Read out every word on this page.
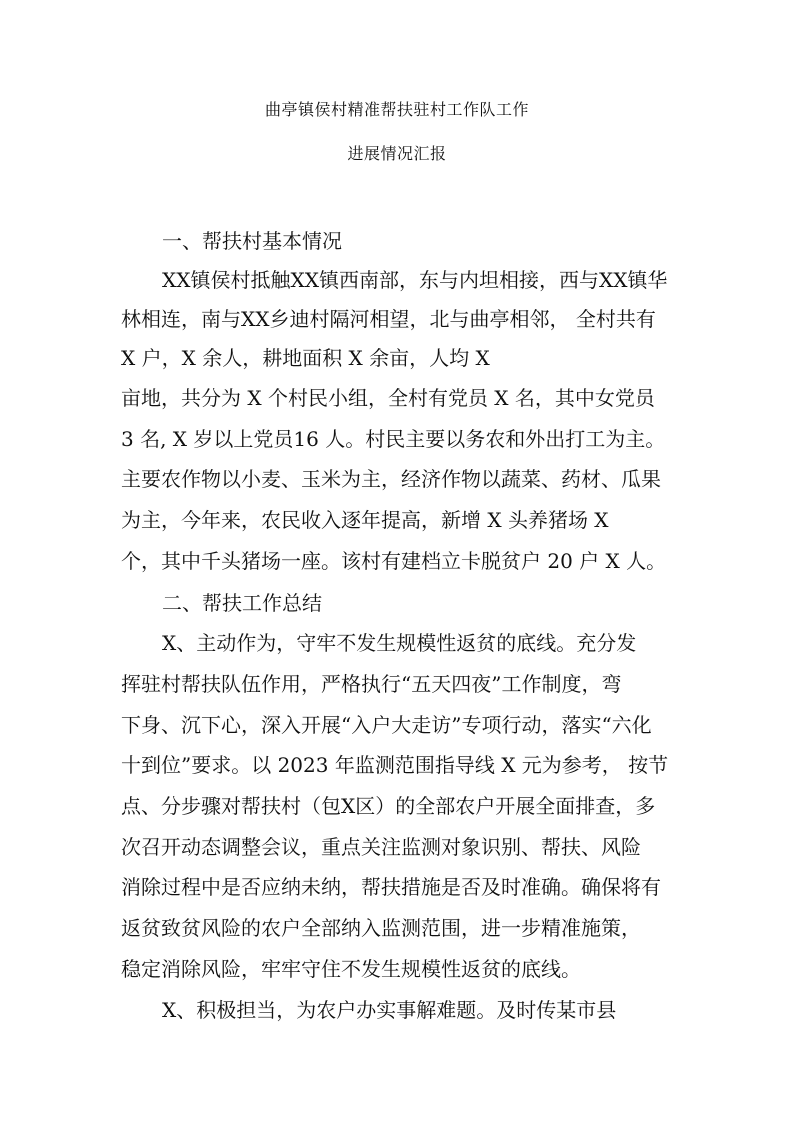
曲亭镇侯村精准帮扶驻村工作队工作
进展情况汇报
一、帮扶村基本情况
XX镇侯村抵触XX镇西南部，东与内坦相接，西与XX镇华
林相连，南与XX乡迪村隔河相望，北与曲亭相邻， 全村共有
X 户，X 余人，耕地面积 X 余亩，人均 X
亩地，共分为 X 个村民小组，全村有党员 X 名，其中女党员
3 名, X 岁以上党员16 人。村民主要以务农和外出打工为主。
主要农作物以小麦、玉米为主，经济作物以蔬菜、药材、瓜果
为主，今年来，农民收入逐年提高，新增 X 头养猪场 X
个，其中千头猪场一座。该村有建档立卡脱贫户 20 户 X 人。
二、帮扶工作总结
X、主动作为，守牢不发生规模性返贫的底线。充分发
挥驻村帮扶队伍作用，严格执行“五天四夜”工作制度，弯
下身、沉下心，深入开展“入户大走访”专项行动，落实“六化
十到位”要求。以 2023 年监测范围指导线 X 元为参考， 按节
点、分步骤对帮扶村（包X区）的全部农户开展全面排查，多
次召开动态调整会议，重点关注监测对象识别、帮扶、风险
消除过程中是否应纳未纳，帮扶措施是否及时准确。确保将有
返贫致贫风险的农户全部纳入监测范围，进一步精准施策，
稳定消除风险，牢牢守住不发生规模性返贫的底线。
X、积极担当，为农户办实事解难题。及时传某市县
